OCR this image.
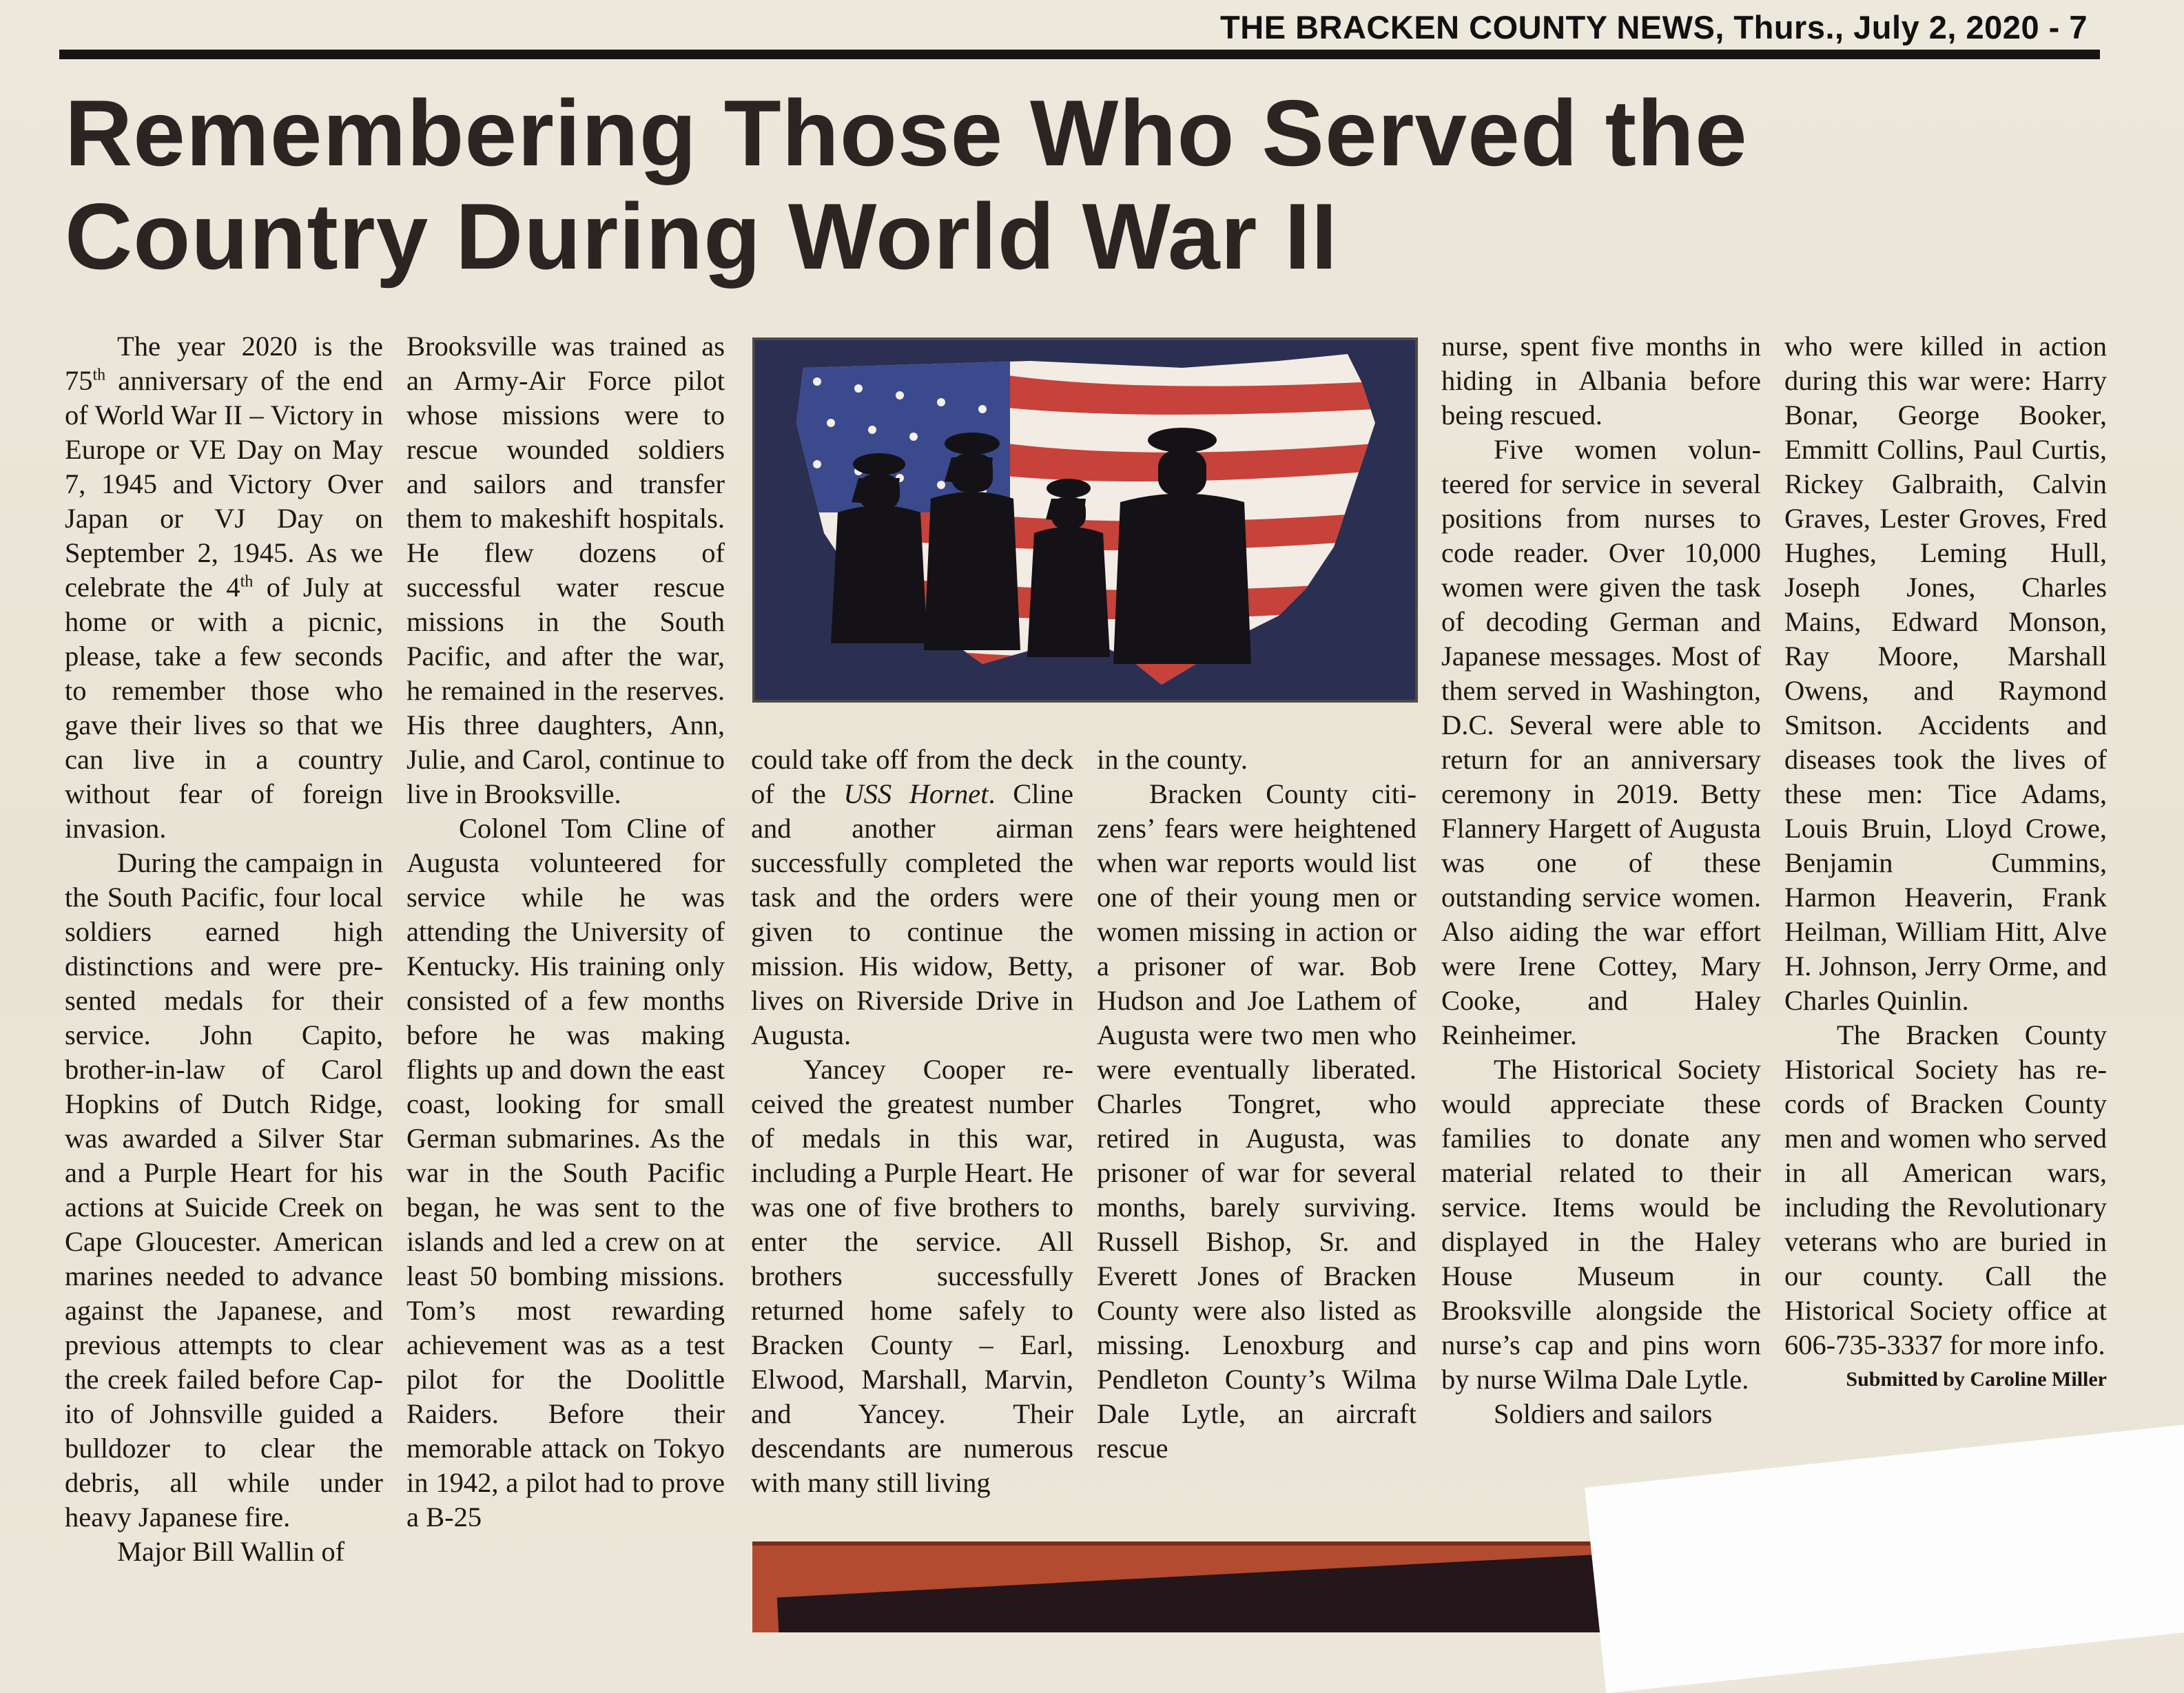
THE BRACKEN COUNTY NEWS, Thurs., July 2, 2020 - 7
Remembering Those Who Served the
Country During World War II

The year 2020 is the 75th anniversary of the end of World War II – Victory in Europe or VE Day on May 7, 1945 and Victory Over Japan or VJ Day on September 2, 1945. As we celebrate the 4th of July at home or with a picnic, please, take a few seconds to remember those who gave their lives so that we can live in a country without fear of foreign invasion.

During the campaign in the South Pacific, four local soldiers earned high distinctions and were presented medals for their service. John Capito, brother-in-law of Carol Hopkins of Dutch Ridge, was awarded a Silver Star and a Purple Heart for his actions at Suicide Creek on Cape Gloucester. American marines needed to advance against the Japanese, and previous attempts to clear the creek failed before Capito of Johnsville guided a bulldozer to clear the debris, all while under heavy Japanese fire.

Major Bill Wallin of

Brooksville was trained as an Army-Air Force pilot whose missions were to rescue wounded soldiers and sailors and transfer them to makeshift hospitals. He flew dozens of successful water rescue missions in the South Pacific, and after the war, he remained in the reserves. His three daughters, Ann, Julie, and Carol, continue to live in Brooksville.

Colonel Tom Cline of Augusta volunteered for service while he was attending the University of Kentucky. His training only consisted of a few months before he was making flights up and down the east coast, looking for small German submarines. As the war in the South Pacific began, he was sent to the islands and led a crew on at least 50 bombing missions. Tom’s most rewarding achievement was as a test pilot for the Doolittle Raiders. Before their memorable attack on Tokyo in 1942, a pilot had to prove a B-25

could take off from the deck of the USS Hornet. Cline and another airman successfully completed the task and the orders were given to continue the mission. His widow, Betty, lives on Riverside Drive in Augusta.

Yancey Cooper received the greatest number of medals in this war, including a Purple Heart. He was one of five brothers to enter the service. All brothers successfully returned home safely to Bracken County – Earl, Elwood, Marshall, Marvin, and Yancey. Their descendants are numerous with many still living

in the county.

Bracken County citizens’ fears were heightened when war reports would list one of their young men or women missing in action or a prisoner of war. Bob Hudson and Joe Lathem of Augusta were two men who were eventually liberated. Charles Tongret, who retired in Augusta, was prisoner of war for several months, barely surviving. Russell Bishop, Sr. and Everett Jones of Bracken County were also listed as missing. Lenoxburg and Pendleton County’s Wilma Dale Lytle, an aircraft rescue

nurse, spent five months in hiding in Albania before being rescued.

Five women volunteered for service in several positions from nurses to code reader. Over 10,000 women were given the task of decoding German and Japanese messages. Most of them served in Washington, D.C. Several were able to return for an anniversary ceremony in 2019. Betty Flannery Hargett of Augusta was one of these outstanding service women. Also aiding the war effort were Irene Cottey, Mary Cooke, and Haley Reinheimer.

The Historical Society would appreciate these families to donate any material related to their service. Items would be displayed in the Haley House Museum in Brooksville alongside the nurse’s cap and pins worn by nurse Wilma Dale Lytle.

Soldiers and sailors

who were killed in action during this war were: Harry Bonar, George Booker, Emmitt Collins, Paul Curtis, Rickey Galbraith, Calvin Graves, Lester Groves, Fred Hughes, Leming Hull, Joseph Jones, Charles Mains, Edward Monson, Ray Moore, Marshall Owens, and Raymond Smitson. Accidents and diseases took the lives of these men: Tice Adams, Louis Bruin, Lloyd Crowe, Benjamin Cummins, Harmon Heaverin, Frank Heilman, William Hitt, Alve H. Johnson, Jerry Orme, and Charles Quinlin.

The Bracken County Historical Society has records of Bracken County men and women who served in all American wars, including the Revolutionary veterans who are buried in our county. Call the Historical Society office at 606-735-3337 for more info.

Submitted by Caroline Miller
